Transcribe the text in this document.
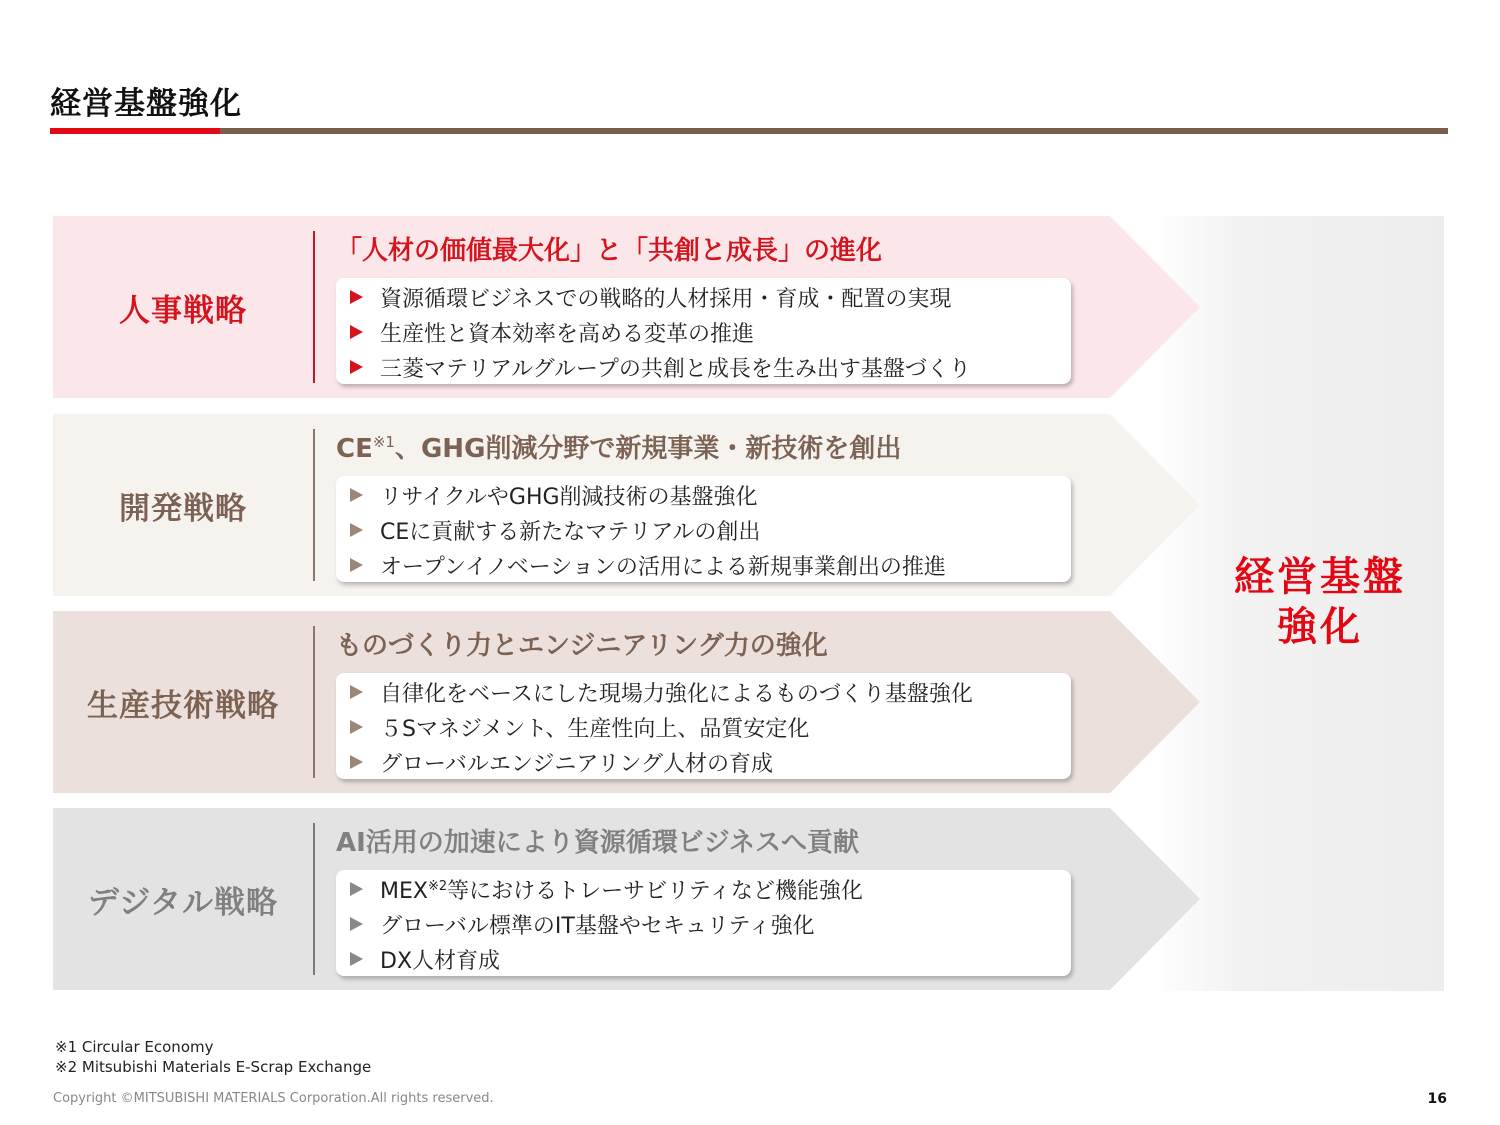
経営基盤強化
経営基盤
強化
人事戦略
「人材の価値最大化」と「共創と成長」の進化
資源循環ビジネスでの戦略的人材採用・育成・配置の実現
生産性と資本効率を高める変革の推進
三菱マテリアルグループの共創と成長を生み出す基盤づくり
開発戦略
CE$^{※1}$、GHG削減分野で新規事業・新技術を創出
リサイクルやGHG削減技術の基盤強化
CEに貢献する新たなマテリアルの創出
オープンイノベーションの活用による新規事業創出の推進
生産技術戦略
ものづくり力とエンジニアリング力の強化
自律化をベースにした現場力強化によるものづくり基盤強化
５Sマネジメント、生産性向上、品質安定化
グローバルエンジニアリング人材の育成
デジタル戦略
AI活用の加速により資源循環ビジネスへ貢献
MEX$^{※2}$等におけるトレーサビリティなど機能強化
グローバル標準のIT基盤やセキュリティ強化
DX人材育成
※1 Circular Economy
※2 Mitsubishi Materials E-Scrap Exchange
Copyright ©MITSUBISHI MATERIALS Corporation.All rights reserved.	16
